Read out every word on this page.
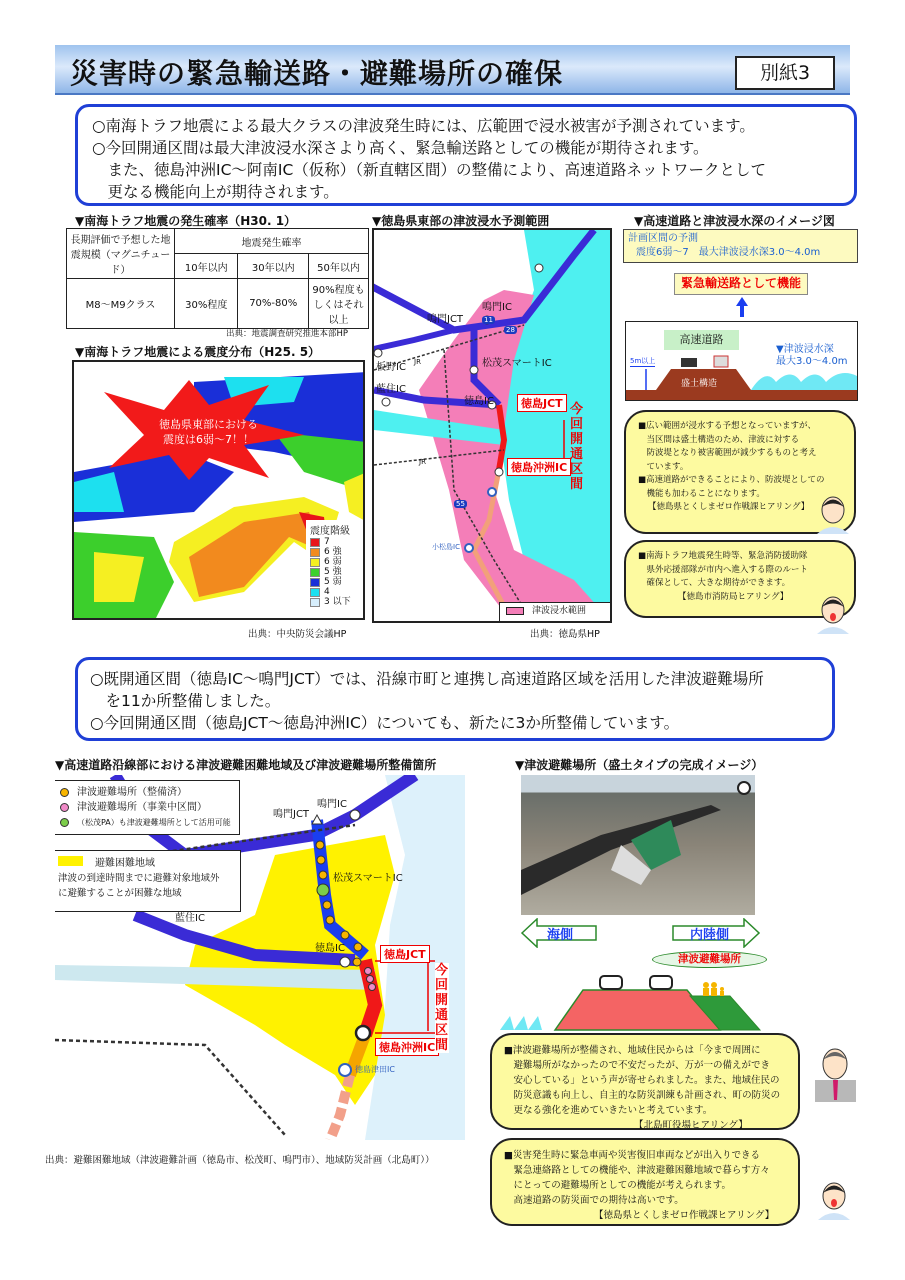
災害時の緊急輸送路・避難場所の確保	別紙3
○南海トラフ地震による最大クラスの津波発生時には、広範囲で浸水被害が予測されています。
○今回開通区間は最大津波浸水深さより高く、緊急輸送路としての機能が期待されます。
　また、徳島沖洲IC～阿南IC（仮称）（新直轄区間）の整備により、高速道路ネットワークとして
　更なる機能向上が期待されます。
▼南海トラフ地震の発生確率（H30. 1）
長期評価で予想した地震規模（マグニチュード）	地震発生確率		
	10年以内	30年以内	50年以内
M8～M9クラス	30%程度	70%-80%	90%程度もしくはそれ以上
出典：地震調査研究推進本部HP
▼南海トラフ地震による震度分布（H25. 5）
徳島県東部における
震度は6弱～7！！
震度階級
7
6 強
6 弱
5 強
5 弱
4
3 以下
出典：中央防災会議HP
▼徳島県東部の津波浸水予測範囲
鳴門IC
鳴門JCT
板野IC
藍住IC
松茂スマートIC
徳島IC	徳島JCT
徳島沖洲IC
小松島IC
JR
JR
11
28
55
今回開通区間
津波浸水範囲
出典：徳島県HP
▼高速道路と津波浸水深のイメージ図
計画区間の予測
震度6弱～7　最大津波浸水深3.0～4.0m
緊急輸送路として機能
高速道路
5m以上
盛土構造
▼津波浸水深
最大3.0～4.0m
■広い範囲が浸水する予想となっていますが、
　当区間は盛土構造のため、津波に対する
　防波堤となり被害範囲が減少するものと考え
　ています。
■高速道路ができることにより、防波堤としての
　機能も加わることになります。
【徳島県とくしまゼロ作戦課ヒアリング】
■南海トラフ地震発生時等、緊急消防援助隊
　県外応援部隊が市内へ進入する際のルート
　確保として、大きな期待ができます。
【徳島市消防局ヒアリング】
○既開通区間（徳島IC～鳴門JCT）では、沿線市町と連携し高速道路区域を活用した津波避難場所
　を11か所整備しました。
○今回開通区間（徳島JCT～徳島沖洲IC）についても、新たに3か所整備しています。
▼高速道路沿線部における津波避難困難地域及び津波避難場所整備箇所
津波避難場所（整備済）
津波避難場所（事業中区間）
（松茂PA）も津波避難場所として活用可能
避難困難地域
津波の到達時間までに避難対象地域外
に避難することが困難な地域
鳴門IC
鳴門JCT
松茂スマートIC
藍住IC
徳島IC	徳島JCT
徳島沖洲IC
徳島津田IC
今回開通区間
出典：避難困難地域（津波避難計画（徳島市、松茂町、鳴門市）、地域防災計画（北島町））
▼津波避難場所（盛土タイプの完成イメージ）
海側	内陸側
津波避難場所
■津波避難場所が整備され、地域住民からは「今まで周囲に
　避難場所がなかったので不安だったが、万が一の備えができ
　安心している」という声が寄せられました。また、地域住民の
　防災意識も向上し、自主的な防災訓練も計画され、町の防災の
　更なる強化を進めていきたいと考えています。
【北島町役場ヒアリング】
■災害発生時に緊急車両や災害復旧車両などが出入りできる
　緊急連絡路としての機能や、津波避難困難地域で暮らす方々
　にとっての避難場所としての機能が考えられます。
　高速道路の防災面での期待は高いです。
【徳島県とくしまゼロ作戦課ヒアリング】
